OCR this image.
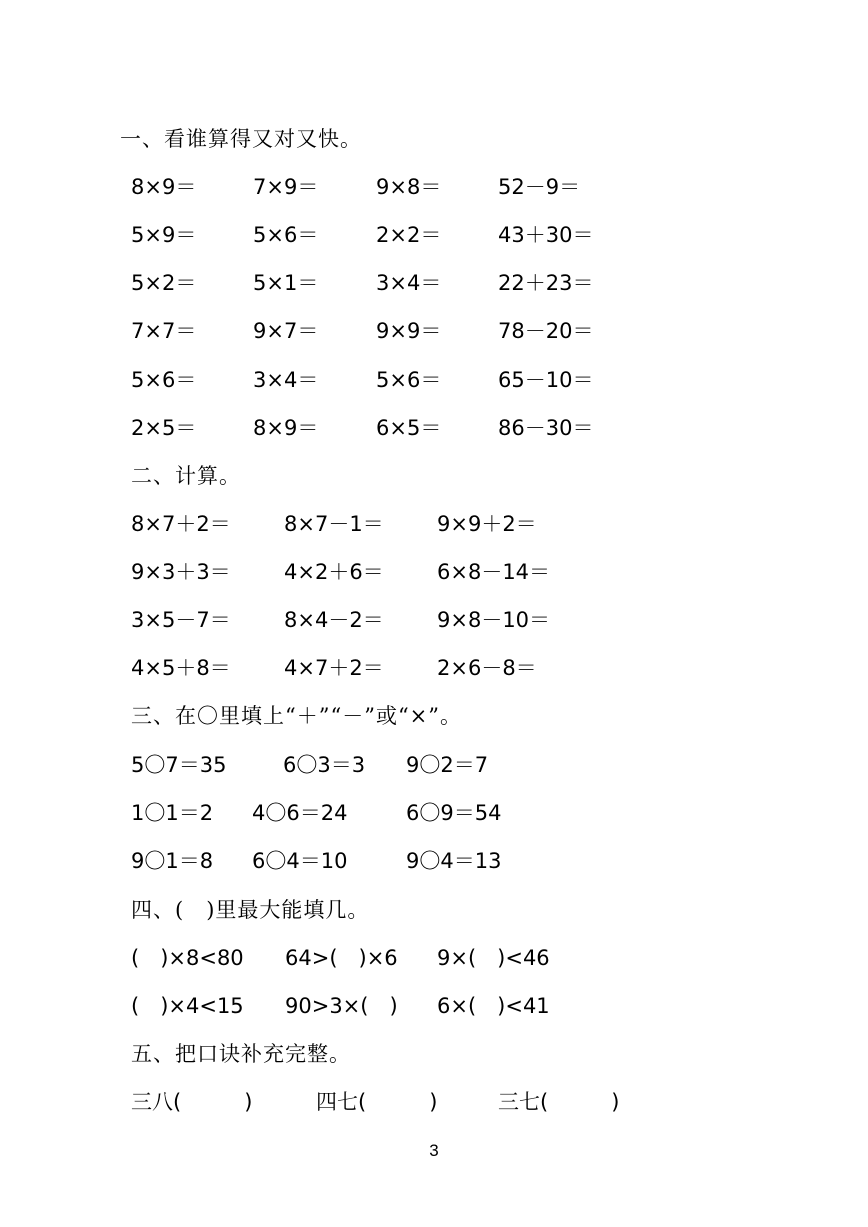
一、看谁算得又对又快。
8×9＝	7×9＝	9×8＝	52－9＝
5×9＝	5×6＝	2×2＝	43＋30＝
5×2＝	5×1＝	3×4＝	22＋23＝
7×7＝	9×7＝	9×9＝	78－20＝
5×6＝	3×4＝	5×6＝	65－10＝
2×5＝	8×9＝	6×5＝	86－30＝
二、计算。
8×7＋2＝	8×7－1＝	9×9＋2＝
9×3＋3＝	4×2＋6＝	6×8－14＝
3×5－7＝	8×4－2＝	9×8－10＝
4×5＋8＝	4×7＋2＝	2×6－8＝
三、在〇里填上“＋”“－”或“×”。
5〇7＝35	6〇3＝3 9〇2＝7
1〇1＝2 4〇6＝24	6〇9＝54
9〇1＝8 6〇4＝10	9〇4＝13
四、(　)里最大能填几。
(　)×8<80 64>(　)×6 9×(　)<46
(　)×4<15 90>3×(　) 6×(　)<41
五、把口诀补充完整。
三八(　　　)	四七(　　　)	三七(　　　)
3
